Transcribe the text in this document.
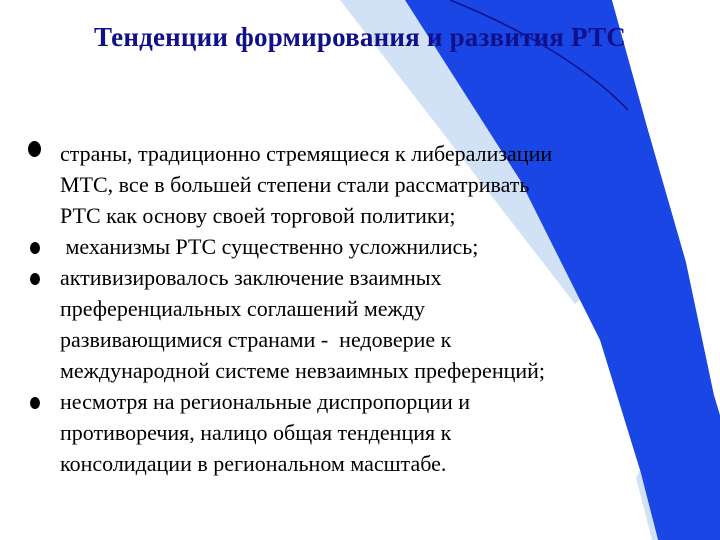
Тенденции формирования и развития РТС
страны, традиционно стремящиеся к либерализации
МТС, все в большей степени стали рассматривать
РТС как основу своей торговой политики;
механизмы РТС существенно усложнились;
активизировалось заключение взаимных
преференциальных соглашений между
развивающимися странами -  недоверие к
международной системе невзаимных преференций;
несмотря на региональные диспропорции и
противоречия, налицо общая тенденция к
консолидации в региональном масштабе.
